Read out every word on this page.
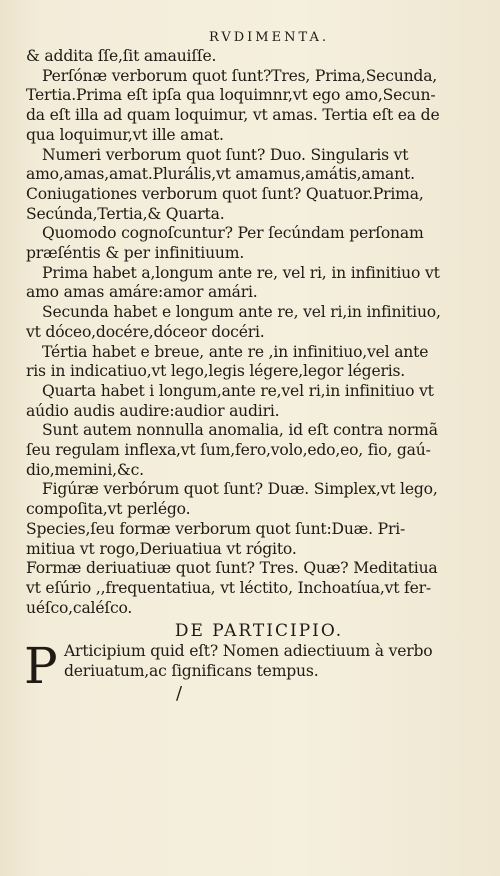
RVDIMENTA.
& addita ſſe,ſit amauiſſe.
Perſónæ verborum quot ſunt?Tres, Prima,Secunda,
Tertia.Prima eſt ipſa qua loquimnr,vt ego amo,Secun-
da eſt illa ad quam loquimur, vt amas. Tertia eſt ea de
qua loquimur,vt ille amat.
Numeri verborum quot ſunt? Duo. Singularis vt
amo,amas,amat.Plurális,vt amamus,amátis,amant.
Coniugationes verborum quot ſunt? Quatuor.Prima,
Secúnda,Tertia,& Quarta.
Quomodo cognoſcuntur? Per ſecúndam perſonam
præſéntis & per infinitiuum.
Prima habet a,longum ante re, vel ri, in infinitiuo vt
amo amas amáre:amor amári.
Secunda habet e longum ante re, vel ri,in infinitiuo,
vt dóceo,docére,dóceor docéri.
Tértia habet e breue, ante re ,in infinitiuo,vel ante
ris in indicatiuo,vt lego,legis légere,legor légeris.
Quarta habet i longum,ante re,vel ri,in infinitiuo vt
aúdio audis audire:audior audiri.
Sunt autem nonnulla anomalia, id eſt contra normã
ſeu regulam inflexa,vt ſum,fero,volo,edo,eo, fio, gaú-
dio,memini,&c.
Figúræ verbórum quot ſunt? Duæ. Simplex,vt lego,
compoſita,vt perlégo.
Species,ſeu formæ verborum quot ſunt:Duæ. Pri-
mitiua vt rogo,Deriuatiua vt rógito.
Formæ deriuatiuæ quot ſunt? Tres. Quæ? Meditatiua
vt eſúrio ,,frequentatiua, vt léctito, Inchoatíua,vt fer-
uéſco,caléſco.
DE PARTICIPIO.
P Articipium quid eſt? Nomen adiectiuum à verbo
deriuatum,ac ſignificans tempus.
/
